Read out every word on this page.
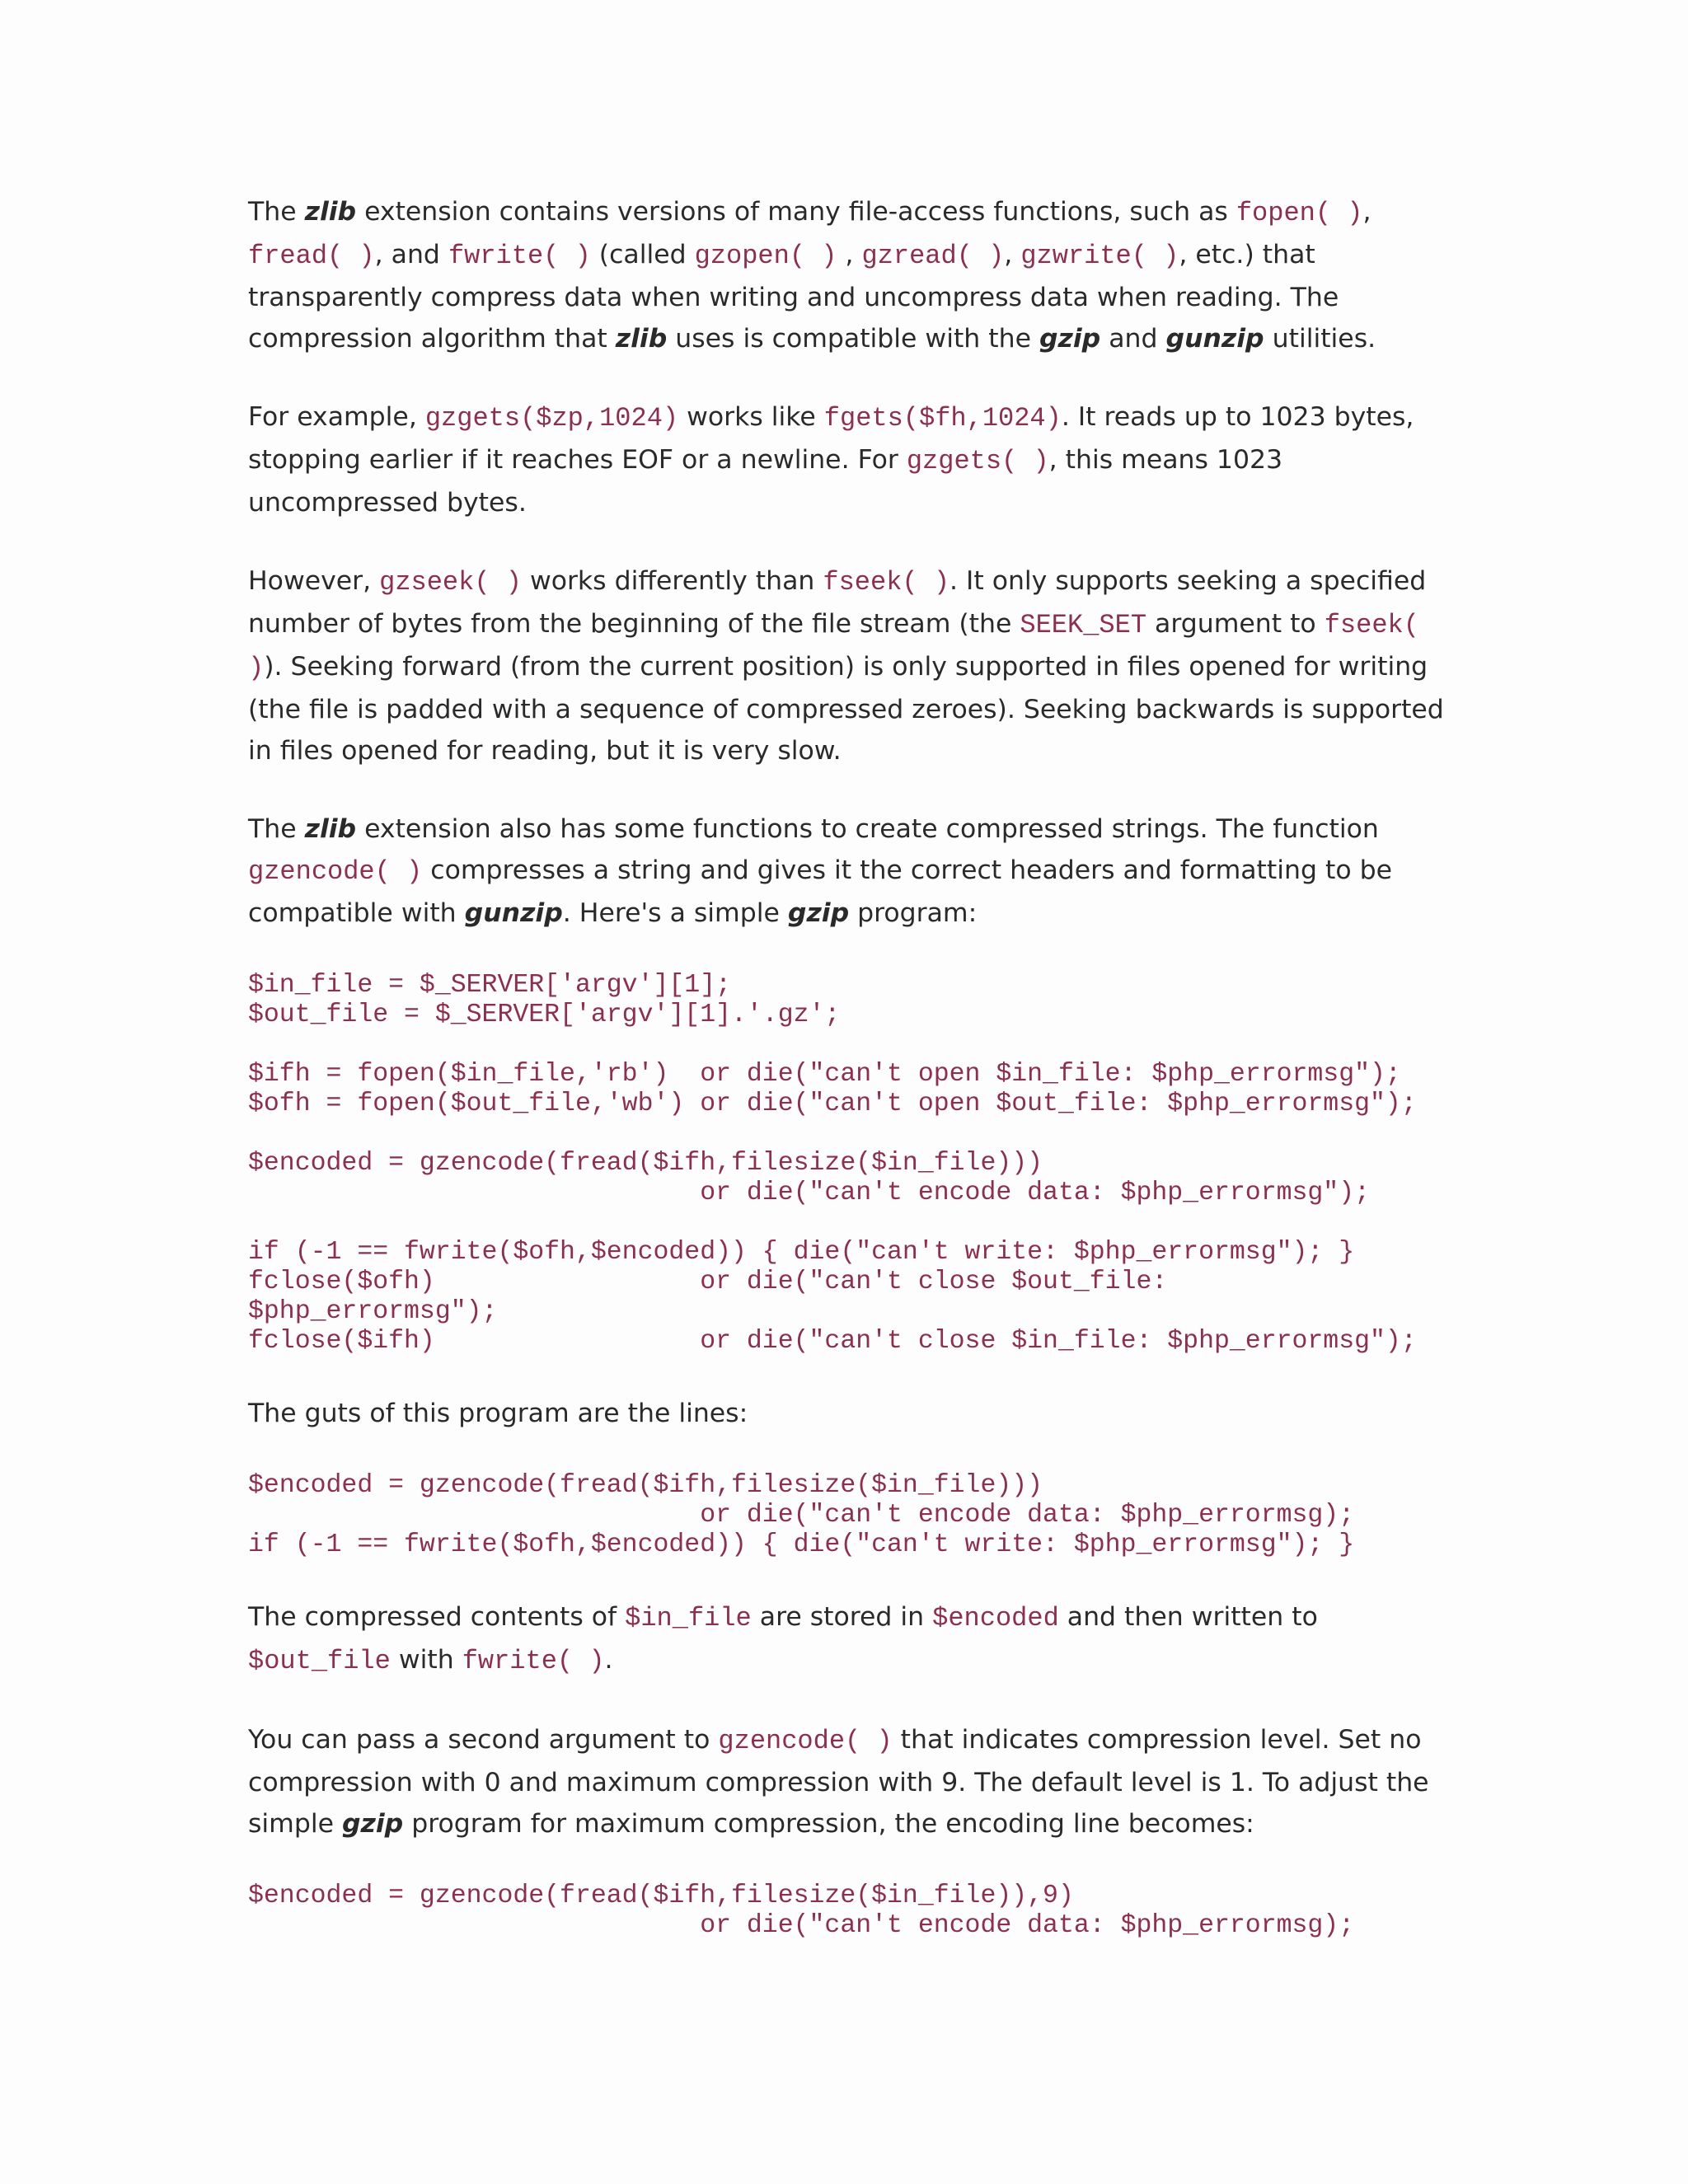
The zlib extension contains versions of many file-access functions, such as fopen( ), fread( ), and fwrite( ) (called gzopen( ) , gzread( ), gzwrite( ), etc.) that transparently compress data when writing and uncompress data when reading. The compression algorithm that zlib uses is compatible with the gzip and gunzip utilities.

For example, gzgets($zp,1024) works like fgets($fh,1024). It reads up to 1023 bytes, stopping earlier if it reaches EOF or a newline. For gzgets( ), this means 1023 uncompressed bytes.

However, gzseek( ) works differently than fseek( ). It only supports seeking a specified number of bytes from the beginning of the file stream (the SEEK_SET argument to fseek( )). Seeking forward (from the current position) is only supported in files opened for writing (the file is padded with a sequence of compressed zeroes). Seeking backwards is supported in files opened for reading, but it is very slow.

The zlib extension also has some functions to create compressed strings. The function gzencode( ) compresses a string and gives it the correct headers and formatting to be compatible with gunzip. Here's a simple gzip program:

$in_file = $_SERVER['argv'][1];
$out_file = $_SERVER['argv'][1].'.gz';

$ifh = fopen($in_file,'rb')  or die("can't open $in_file: $php_errormsg");
$ofh = fopen($out_file,'wb') or die("can't open $out_file: $php_errormsg");

$encoded = gzencode(fread($ifh,filesize($in_file)))
or die("can't encode data: $php_errormsg");

if (-1 == fwrite($ofh,$encoded)) { die("can't write: $php_errormsg"); }
fclose($ofh)                 or die("can't close $out_file:
$php_errormsg");
fclose($ifh)                 or die("can't close $in_file: $php_errormsg");

The guts of this program are the lines:

$encoded = gzencode(fread($ifh,filesize($in_file)))
or die("can't encode data: $php_errormsg);
if (-1 == fwrite($ofh,$encoded)) { die("can't write: $php_errormsg"); }

The compressed contents of $in_file are stored in $encoded and then written to $out_file with fwrite( ).

You can pass a second argument to gzencode( ) that indicates compression level. Set no compression with 0 and maximum compression with 9. The default level is 1. To adjust the simple gzip program for maximum compression, the encoding line becomes:

$encoded = gzencode(fread($ifh,filesize($in_file)),9)
or die("can't encode data: $php_errormsg);
